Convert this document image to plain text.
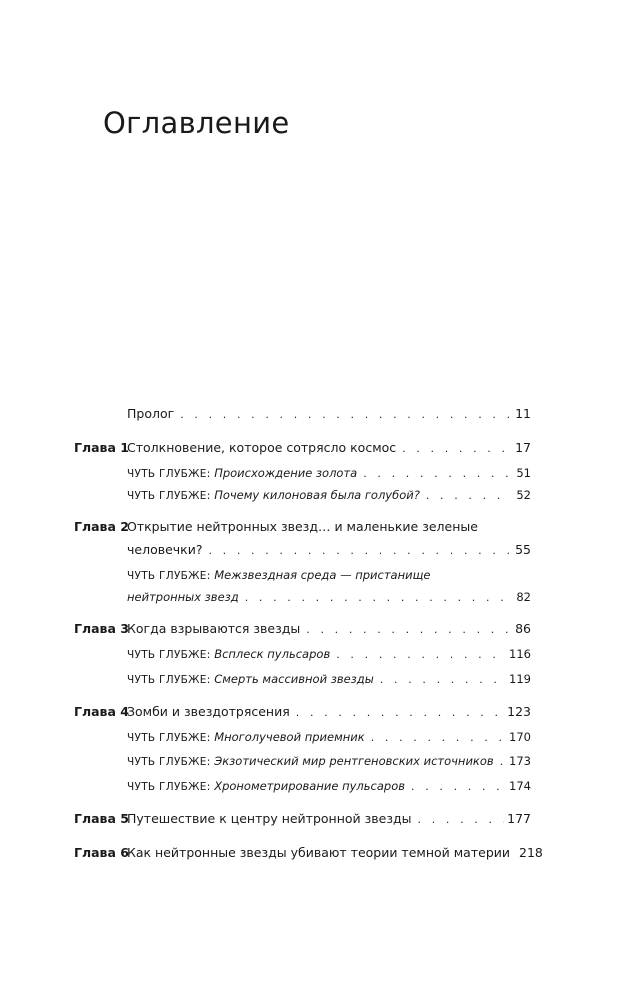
Оглавление
Пролог . . .	11
Глава 1
Столкновение, которое сотрясло космос . . .	17
ЧУТЬ ГЛУБЖЕ: Происхождение золота . . .	51
ЧУТЬ ГЛУБЖЕ: Почему килоновая была голубой? . . .	52
Глава 2
Открытие нейтронных звезд… и маленькие зеленые
человечки? . . .	55
ЧУТЬ ГЛУБЖЕ: Межзвездная среда — пристанище
нейтронных звезд . . .	82
Глава 3
Когда взрываются звезды . . .	86
ЧУТЬ ГЛУБЖЕ: Всплеск пульсаров . . .	116
ЧУТЬ ГЛУБЖЕ: Смерть массивной звезды . . .	119
Глава 4
Зомби и звездотрясения . . .	123
ЧУТЬ ГЛУБЖЕ: Многолучевой приемник . . .	170
ЧУТЬ ГЛУБЖЕ: Экзотический мир рентгеновских источников . . . 173
ЧУТЬ ГЛУБЖЕ: Хронометрирование пульсаров . . .	174
Глава 5
Путешествие к центру нейтронной звезды . . .	177
Глава 6
Как нейтронные звезды убивают теории темной материи 218
